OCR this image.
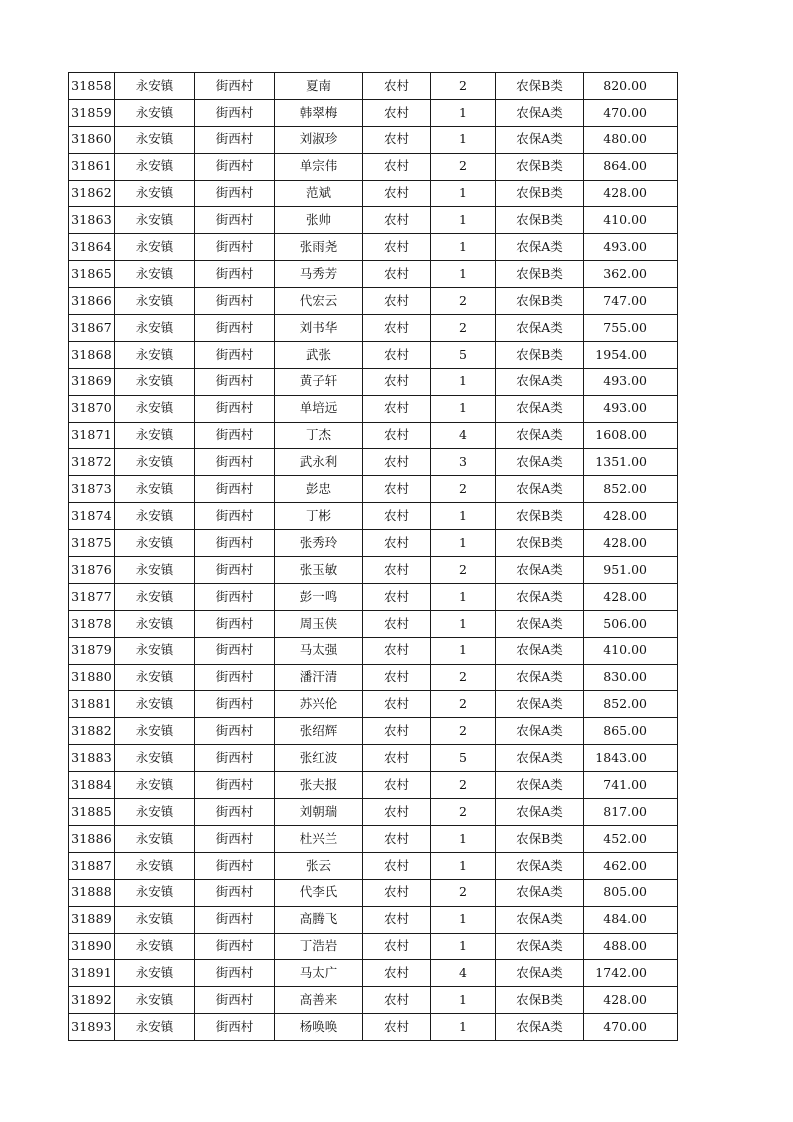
31858	永安镇	街西村	夏南	农村	2	农保B类	820.00
31859	永安镇	街西村	韩翠梅	农村	1	农保A类	470.00
31860	永安镇	街西村	刘淑珍	农村	1	农保A类	480.00
31861	永安镇	街西村	单宗伟	农村	2	农保B类	864.00
31862	永安镇	街西村	范斌	农村	1	农保B类	428.00
31863	永安镇	街西村	张帅	农村	1	农保B类	410.00
31864	永安镇	街西村	张雨尧	农村	1	农保A类	493.00
31865	永安镇	街西村	马秀芳	农村	1	农保B类	362.00
31866	永安镇	街西村	代宏云	农村	2	农保B类	747.00
31867	永安镇	街西村	刘书华	农村	2	农保A类	755.00
31868	永安镇	街西村	武张	农村	5	农保B类	1954.00
31869	永安镇	街西村	黄子轩	农村	1	农保A类	493.00
31870	永安镇	街西村	单培远	农村	1	农保A类	493.00
31871	永安镇	街西村	丁杰	农村	4	农保A类	1608.00
31872	永安镇	街西村	武永利	农村	3	农保A类	1351.00
31873	永安镇	街西村	彭忠	农村	2	农保A类	852.00
31874	永安镇	街西村	丁彬	农村	1	农保B类	428.00
31875	永安镇	街西村	张秀玲	农村	1	农保B类	428.00
31876	永安镇	街西村	张玉敏	农村	2	农保A类	951.00
31877	永安镇	街西村	彭一鸣	农村	1	农保A类	428.00
31878	永安镇	街西村	周玉侠	农村	1	农保A类	506.00
31879	永安镇	街西村	马太强	农村	1	农保A类	410.00
31880	永安镇	街西村	潘汗清	农村	2	农保A类	830.00
31881	永安镇	街西村	苏兴伦	农村	2	农保A类	852.00
31882	永安镇	街西村	张绍辉	农村	2	农保A类	865.00
31883	永安镇	街西村	张红波	农村	5	农保A类	1843.00
31884	永安镇	街西村	张夫报	农村	2	农保A类	741.00
31885	永安镇	街西村	刘朝瑞	农村	2	农保A类	817.00
31886	永安镇	街西村	杜兴兰	农村	1	农保B类	452.00
31887	永安镇	街西村	张云	农村	1	农保A类	462.00
31888	永安镇	街西村	代李氏	农村	2	农保A类	805.00
31889	永安镇	街西村	高腾飞	农村	1	农保A类	484.00
31890	永安镇	街西村	丁浩岩	农村	1	农保A类	488.00
31891	永安镇	街西村	马太广	农村	4	农保A类	1742.00
31892	永安镇	街西村	高善来	农村	1	农保B类	428.00
31893	永安镇	街西村	杨唤唤	农村	1	农保A类	470.00
